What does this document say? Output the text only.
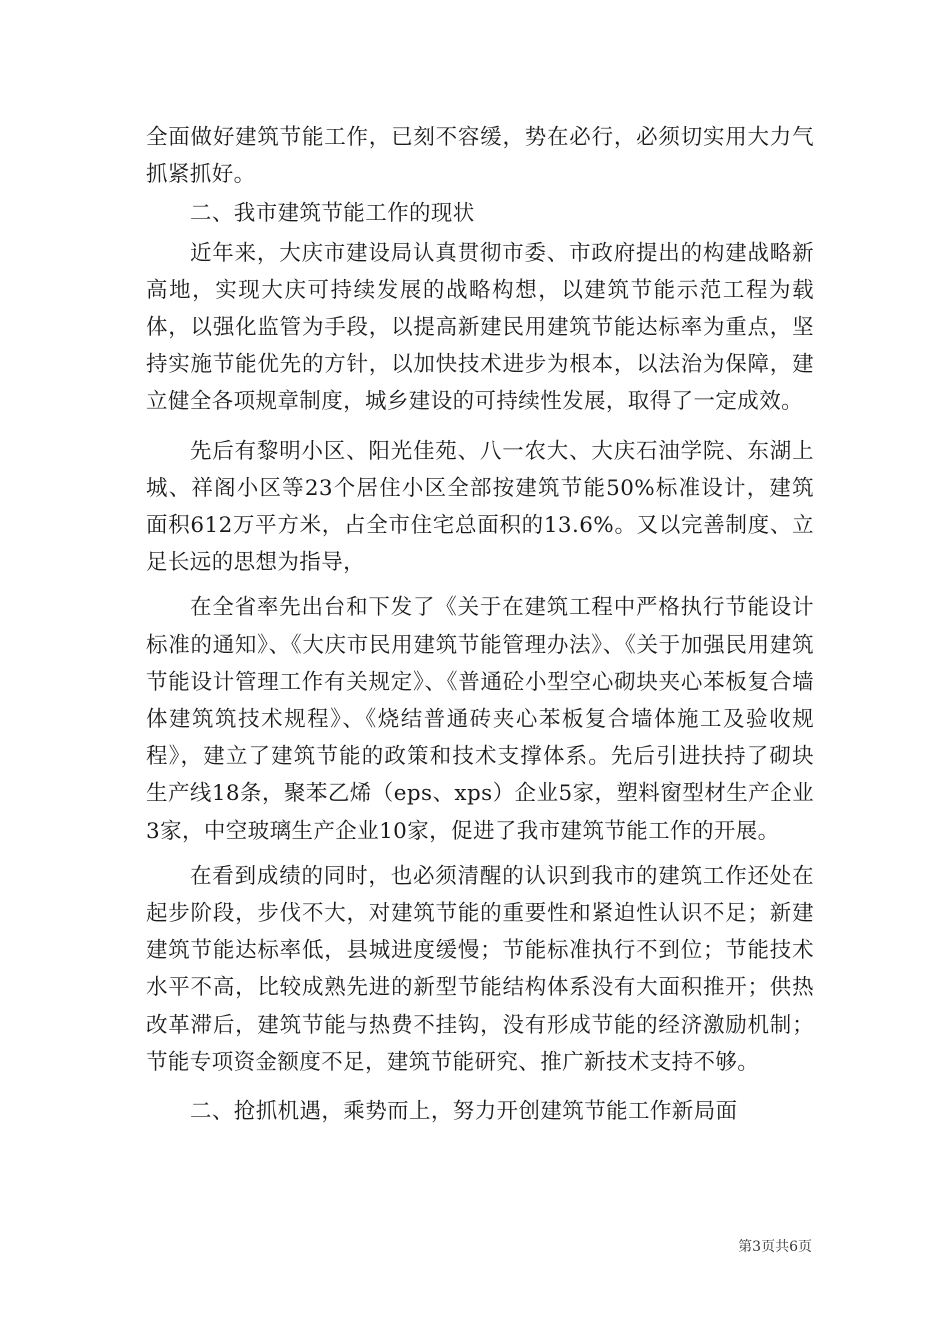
全面做好建筑节能工作，已刻不容缓，势在必行，必须切实用大力气抓紧抓好。

二、我市建筑节能工作的现状

近年来，大庆市建设局认真贯彻市委、市政府提出的构建战略新高地，实现大庆可持续发展的战略构想，以建筑节能示范工程为载体，以强化监管为手段，以提高新建民用建筑节能达标率为重点，坚持实施节能优先的方针，以加快技术进步为根本，以法治为保障，建立健全各项规章制度，城乡建设的可持续性发展，取得了一定成效。

先后有黎明小区、阳光佳苑、八一农大、大庆石油学院、东湖上城、祥阁小区等23个居住小区全部按建筑节能50%标准设计，建筑面积612万平方米，占全市住宅总面积的13.6%。又以完善制度、立足长远的思想为指导，

在全省率先出台和下发了《关于在建筑工程中严格执行节能设计标准的通知》、《大庆市民用建筑节能管理办法》、《关于加强民用建筑节能设计管理工作有关规定》、《普通砼小型空心砌块夹心苯板复合墙体建筑筑技术规程》、《烧结普通砖夹心苯板复合墙体施工及验收规程》，建立了建筑节能的政策和技术支撑体系。先后引进扶持了砌块生产线18条，聚苯乙烯（eps、xps）企业5家，塑料窗型材生产企业3家，中空玻璃生产企业10家，促进了我市建筑节能工作的开展。

在看到成绩的同时，也必须清醒的认识到我市的建筑工作还处在起步阶段，步伐不大，对建筑节能的重要性和紧迫性认识不足；新建建筑节能达标率低，县城进度缓慢；节能标准执行不到位；节能技术水平不高，比较成熟先进的新型节能结构体系没有大面积推开；供热改革滞后，建筑节能与热费不挂钩，没有形成节能的经济激励机制；节能专项资金额度不足，建筑节能研究、推广新技术支持不够。

二、抢抓机遇，乘势而上，努力开创建筑节能工作新局面

第3页共6页
